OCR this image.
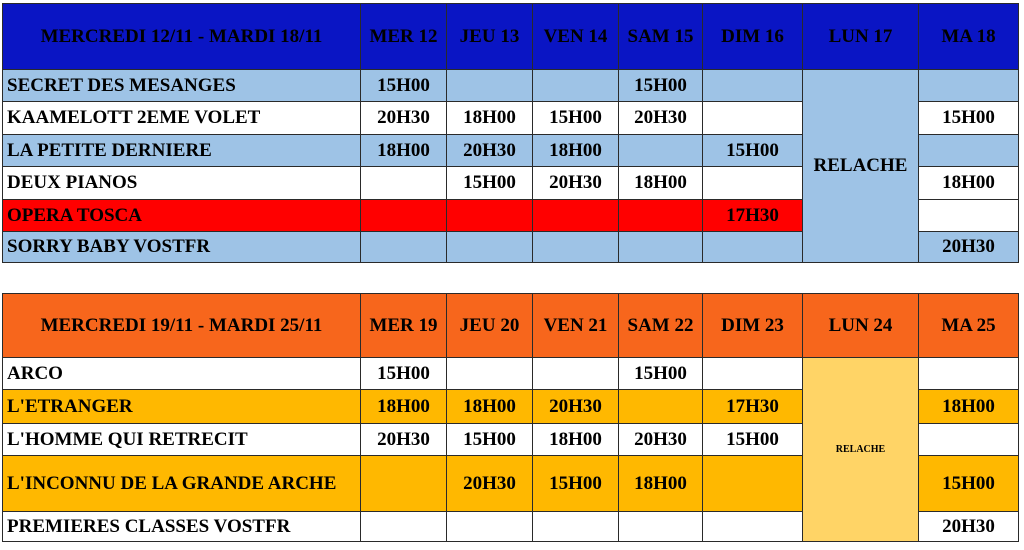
MERCREDI 12/11 - MARDI 18/11	MER 12	JEU 13	VEN 14	SAM 15	DIM 16	LUN 17	MA 18
SECRET DES MESANGES	15H00			15H00		RELACHE	
KAAMELOTT 2EME VOLET	20H30	18H00	15H00	20H30			15H00
LA PETITE DERNIERE	18H00	20H30	18H00		15H00		
DEUX PIANOS		15H00	20H30	18H00			18H00
OPERA TOSCA					17H30		
SORRY BABY VOSTFR							20H30
MERCREDI 19/11 - MARDI 25/11	MER 19	JEU 20	VEN 21	SAM 22	DIM 23	LUN 24	MA 25
ARCO	15H00			15H00		RELACHE	
L'ETRANGER	18H00	18H00	20H30		17H30		18H00
L'HOMME QUI RETRECIT	20H30	15H00	18H00	20H30	15H00		
L'INCONNU DE LA GRANDE ARCHE		20H30	15H00	18H00			15H00
PREMIERES CLASSES VOSTFR							20H30
